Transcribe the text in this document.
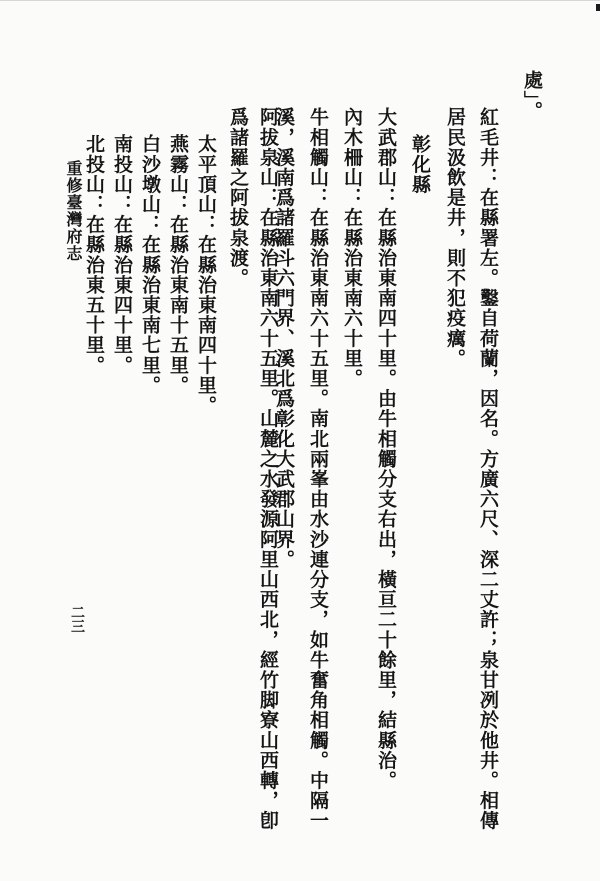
處」。
紅毛井：在縣署左。鑿自荷蘭，因名。方廣六尺、深二丈許；泉甘冽於他井。相傳
居民汲飲是井，則不犯疫癘。
彰化縣
大武郡山：在縣治東南四十里。由牛相觸分支右出，橫亘二十餘里，結縣治。
內木柵山：在縣治東南六十里。
牛相觸山：在縣治東南六十五里。南北兩峯由水沙連分支，如牛奮角相觸。中隔一
溪，溪南爲諸羅斗六門界、溪北爲彰化大武郡山界。
阿拔泉山：在縣治東南六十五里。山麓之水發源阿里山西北，經竹脚寮山西轉，卽
爲諸羅之阿拔泉渡。
太平頂山：在縣治東南四十里。
燕霧山：在縣治東南十五里。
白沙墩山：在縣治東南七里。
南投山：在縣治東四十里。
北投山：在縣治東五十里。
重修臺灣府志
二三
